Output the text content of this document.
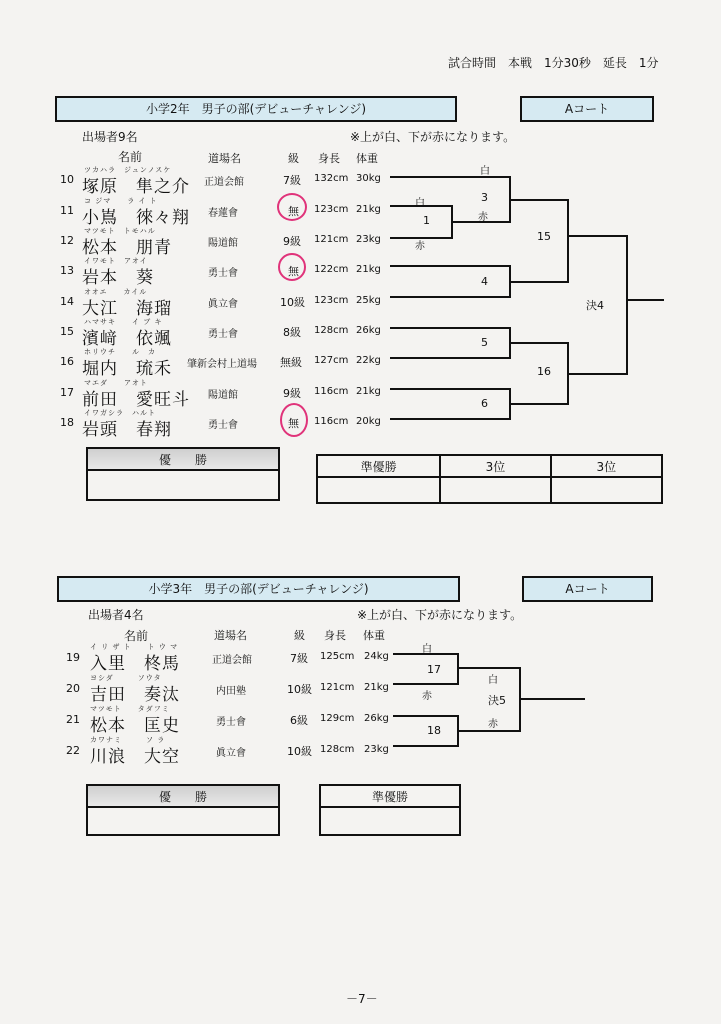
試合時間　本戦　1分30秒　延長　1分
小学2年　男子の部(デビューチャレンジ)	Aコート
出場者9名	※上が白、下が赤になります。
名前	道場名	級 身長 体重
10
ツカハラ　ジュンノスケ
塚原　隼之介 正道会館	7級 132cm 30kg
11
コ ジマ　　ラ イ ト
小嶌　徠々翔 春蓮會	無 123cm 21kg
12
マツモト　トモハル
松本　朋青	陽道館	9級 121cm 23kg
13
イワモト　アオイ
岩本　葵	勇士會	無 122cm 21kg
14
オオエ　　カイル
大江　海瑠	眞立會	10級 123cm 25kg
15
ハマサキ　　イ ブ キ
濱﨑　依颯	勇士會	8級 128cm 26kg
16
ホリウチ　　ル　カ
堀内　琉禾 肇新会村上道場 無級 127cm 22kg
17
マエダ　　アオト
前田　愛旺斗 陽道館	9級 116cm 21kg
18
イワガシラ　ハルト
岩頭　春翔	勇士會	無 116cm 20kg
白
3
赤
白
1
赤
4
15
5
16
6
決4
優　　勝	準優勝	3位	3位

小学3年　男子の部(デビューチャレンジ)	Aコート
出場者4名	※上が白、下が赤になります。
名前	道場名	級 身長 体重
19
イ リ ザ ト　　ト ウ マ
入里　柊馬	正道会館	7級 125cm 24kg
20
ヨシダ　　　ソウタ
吉田　奏汰	内田塾	10級 121cm 21kg
21
マツモト　　タダフミ
松本　匡史	勇士會	6級 129cm 26kg
22
カワナミ　　　ソ ラ
川浪　大空	眞立會	10級 128cm 23kg
白
17
赤
18
白
決5
赤
優　　勝	準優勝

－7－
